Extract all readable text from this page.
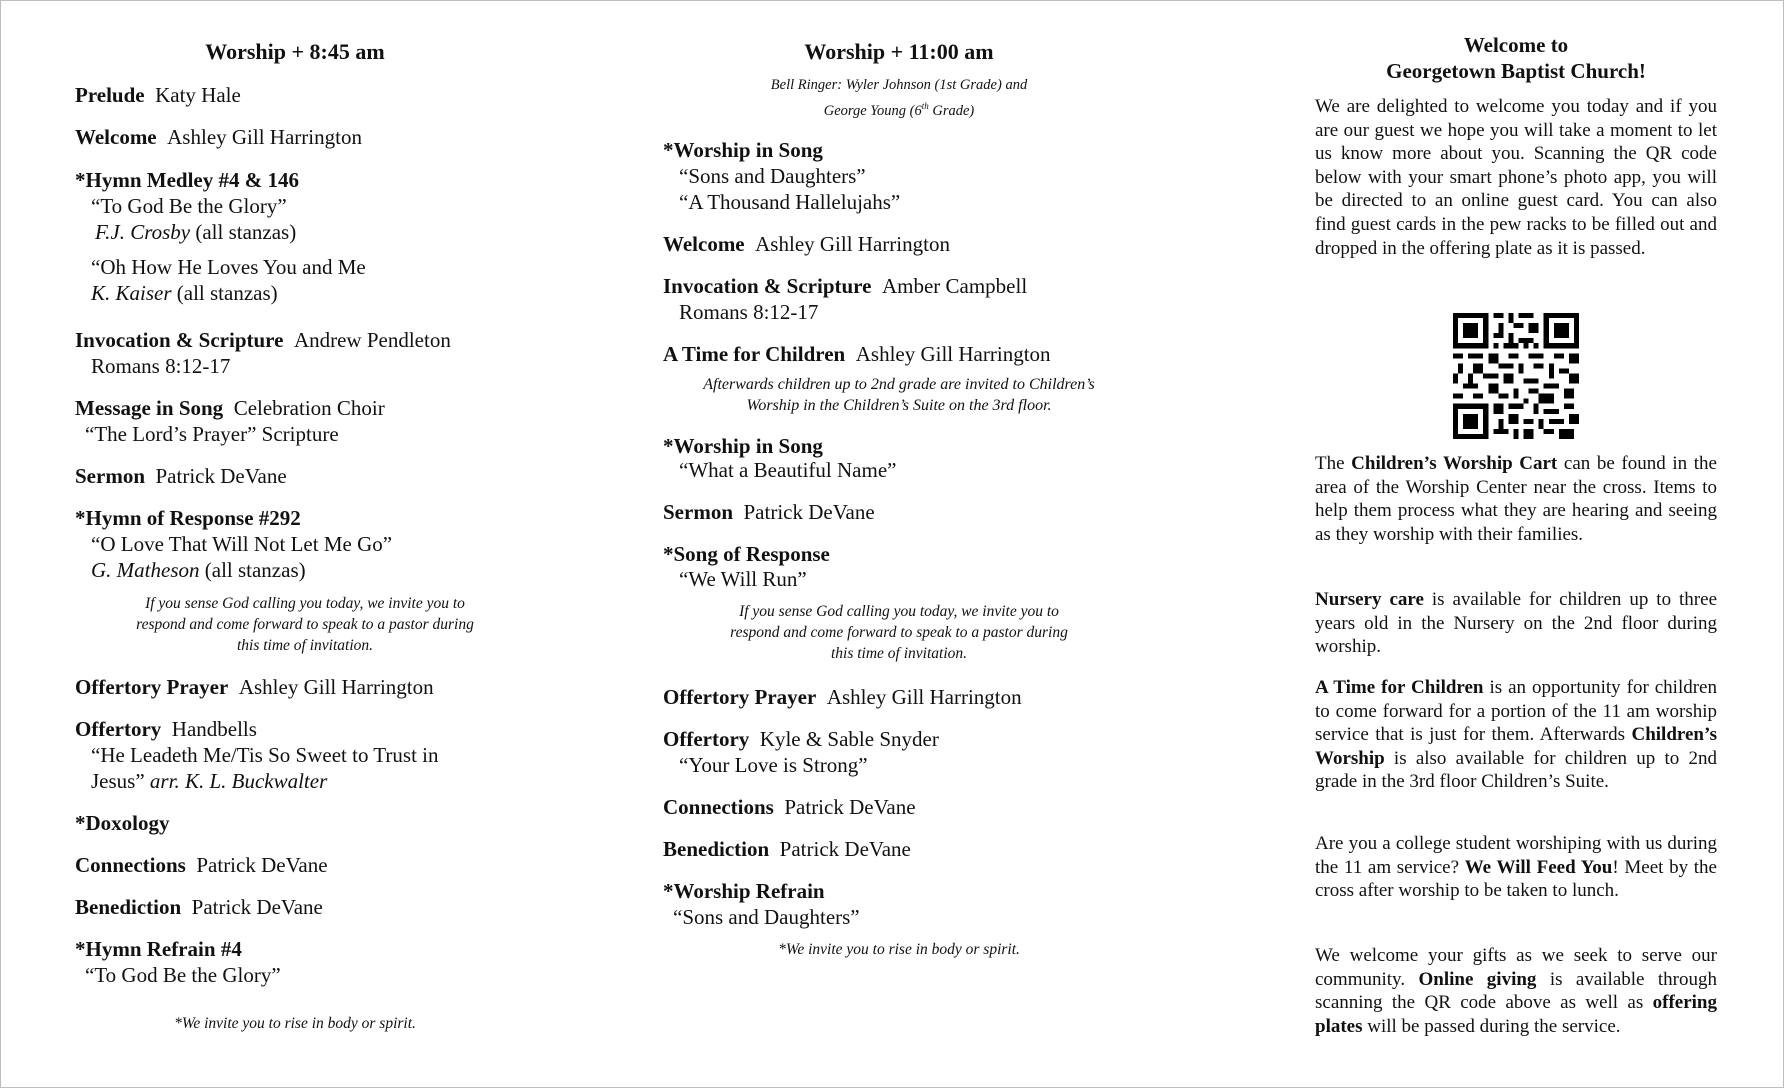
Worship + 8:45 am
Prelude Katy Hale
Welcome Ashley Gill Harrington
*Hymn Medley #4 & 146
“To God Be the Glory”
F.J. Crosby (all stanzas)
“Oh How He Loves You and Me
K. Kaiser (all stanzas)
Invocation & Scripture Andrew Pendleton
Romans 8:12-17
Message in Song Celebration Choir
“The Lord’s Prayer” Scripture
Sermon Patrick DeVane
*Hymn of Response #292
“O Love That Will Not Let Me Go”
G. Matheson (all stanzas)
If you sense God calling you today, we invite you to
respond and come forward to speak to a pastor during
this time of invitation.
Offertory Prayer Ashley Gill Harrington
Offertory Handbells
“He Leadeth Me/Tis So Sweet to Trust in
Jesus” arr. K. L. Buckwalter
*Doxology
Connections Patrick DeVane
Benediction Patrick DeVane
*Hymn Refrain #4
“To God Be the Glory”
*We invite you to rise in body or spirit.
Worship + 11:00 am
Bell Ringer: Wyler Johnson (1st Grade) and
George Young (6th Grade)
*Worship in Song
“Sons and Daughters”
“A Thousand Hallelujahs”
Welcome Ashley Gill Harrington
Invocation & Scripture Amber Campbell
Romans 8:12-17
A Time for Children Ashley Gill Harrington
Afterwards children up to 2nd grade are invited to Children’s
Worship in the Children’s Suite on the 3rd floor.
*Worship in Song
“What a Beautiful Name”
Sermon Patrick DeVane
*Song of Response
“We Will Run”
If you sense God calling you today, we invite you to
respond and come forward to speak to a pastor during
this time of invitation.
Offertory Prayer Ashley Gill Harrington
Offertory Kyle & Sable Snyder
“Your Love is Strong”
Connections Patrick DeVane
Benediction Patrick DeVane
*Worship Refrain
“Sons and Daughters”
*We invite you to rise in body or spirit.
Welcome to
Georgetown Baptist Church!

We are delighted to welcome you today and if you are our guest we hope you will take a moment to let us know more about you. Scanning the QR code below with your smart phone’s photo app, you will be directed to an online guest card. You can also find guest cards in the pew racks to be filled out and dropped in the offering plate as it is passed.

The Children’s Worship Cart can be found in the area of the Worship Center near the cross. Items to help them process what they are hearing and seeing as they worship with their families.

Nursery care is available for children up to three years old in the Nursery on the 2nd floor during worship.

A Time for Children is an opportunity for children to come forward for a portion of the 11 am worship service that is just for them. Afterwards Children’s Worship is also available for children up to 2nd grade in the 3rd floor Children’s Suite.

Are you a college student worshiping with us during the 11 am service? We Will Feed You! Meet by the cross after worship to be taken to lunch.

We welcome your gifts as we seek to serve our community. Online giving is available through scanning the QR code above as well as offering plates will be passed during the service.
